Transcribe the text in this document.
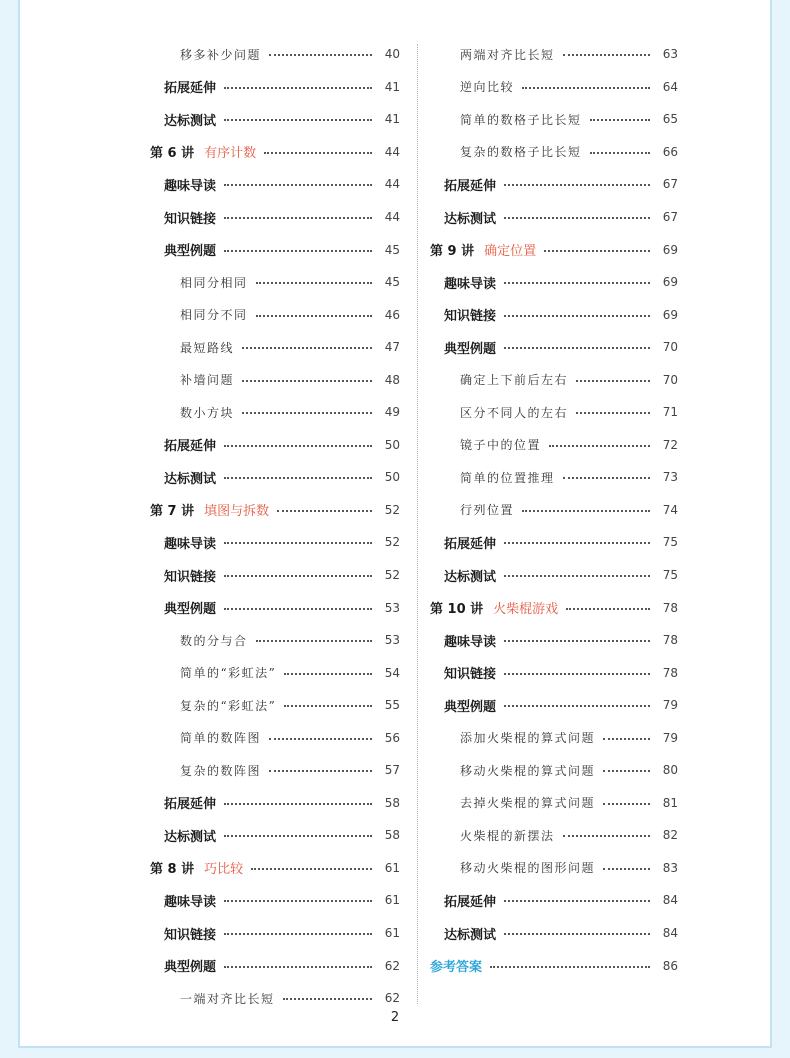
移多补少问题	40
拓展延伸	41
达标测试	41
第 6 讲 有序计数	44
趣味导读	44
知识链接	44
典型例题	45
相同分相同	45
相同分不同	46
最短路线	47
补墙问题	48
数小方块	49
拓展延伸	50
达标测试	50
第 7 讲 填图与拆数	52
趣味导读	52
知识链接	52
典型例题	53
数的分与合	53
简单的“彩虹法”	54
复杂的“彩虹法”	55
简单的数阵图	56
复杂的数阵图	57
拓展延伸	58
达标测试	58
第 8 讲 巧比较	61
趣味导读	61
知识链接	61
典型例题	62
一端对齐比长短	62
两端对齐比长短	63
逆向比较	64
简单的数格子比长短	65
复杂的数格子比长短	66
拓展延伸	67
达标测试	67
第 9 讲 确定位置	69
趣味导读	69
知识链接	69
典型例题	70
确定上下前后左右	70
区分不同人的左右	71
镜子中的位置	72
简单的位置推理	73
行列位置	74
拓展延伸	75
达标测试	75
第 10 讲 火柴棍游戏	78
趣味导读	78
知识链接	78
典型例题	79
添加火柴棍的算式问题	79
移动火柴棍的算式问题	80
去掉火柴棍的算式问题	81
火柴棍的新摆法	82
移动火柴棍的图形问题	83
拓展延伸	84
达标测试	84
参考答案	86
2
